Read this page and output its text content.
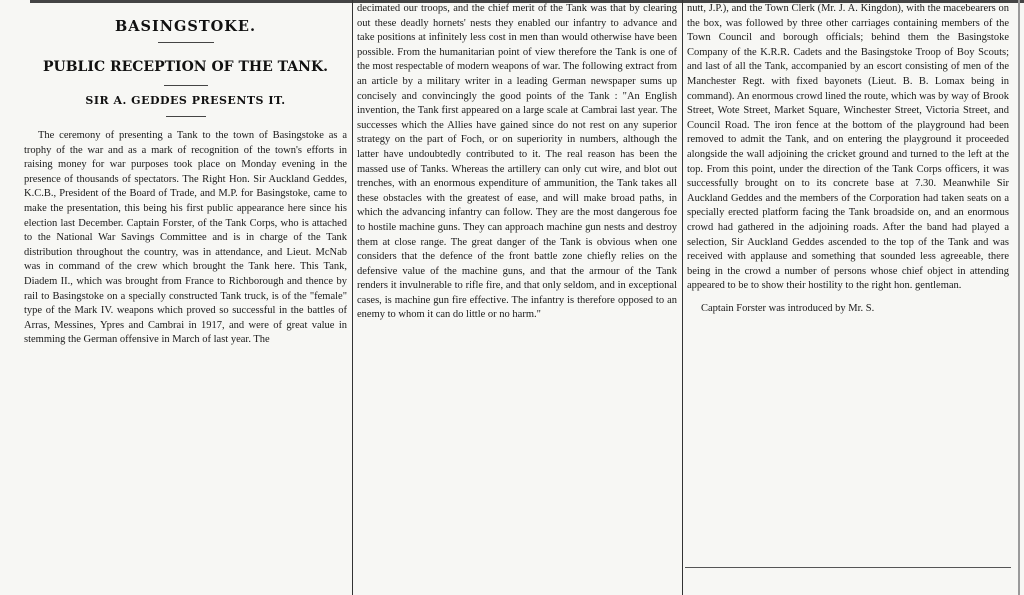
BASINGSTOKE.
PUBLIC RECEPTION OF THE TANK.
SIR A. GEDDES PRESENTS IT.

The ceremony of presenting a Tank to the town of Basingstoke as a trophy of the war and as a mark of recognition of the town's efforts in raising money for war purposes took place on Monday evening in the presence of thousands of spectators. The Right Hon. Sir Auckland Geddes, K.C.B., President of the Board of Trade, and M.P. for Basingstoke, came to make the presentation, this being his first public appearance here since his election last December. Captain Forster, of the Tank Corps, who is attached to the National War Savings Committee and is in charge of the Tank distribution throughout the country, was in attendance, and Lieut. McNab was in command of the crew which brought the Tank here. This Tank, Diadem II., which was brought from France to Richborough and thence by rail to Basingstoke on a specially constructed Tank truck, is of the "female" type of the Mark IV. weapons which proved so successful in the battles of Arras, Messines, Ypres and Cambrai in 1917, and were of great value in stemming the German offensive in March of last year. The

decimated our troops, and the chief merit of the Tank was that by clearing out these deadly hornets' nests they enabled our infantry to advance and take positions at infinitely less cost in men than would otherwise have been possible. From the humanitarian point of view therefore the Tank is one of the most respectable of modern weapons of war. The following extract from an article by a military writer in a leading German newspaper sums up concisely and convincingly the good points of the Tank : "An English invention, the Tank first appeared on a large scale at Cambrai last year. The successes which the Allies have gained since do not rest on any superior strategy on the part of Foch, or on superiority in numbers, although the latter have undoubtedly contributed to it. The real reason has been the massed use of Tanks. Whereas the artillery can only cut wire, and blot out trenches, with an enormous expenditure of ammunition, the Tank takes all these obstacles with the greatest of ease, and will make broad paths, in which the advancing infantry can follow. They are the most dangerous foe to hostile machine guns. They can approach machine gun nests and destroy them at close range. The great danger of the Tank is obvious when one considers that the defence of the front battle zone chiefly relies on the defensive value of the machine guns, and that the armour of the Tank renders it invulnerable to rifle fire, and that only seldom, and in exceptional cases, is machine gun fire effective. The infantry is therefore opposed to an enemy to whom it can do little or no harm."

nutt, J.P.), and the Town Clerk (Mr. J. A. Kingdon), with the macebearers on the box, was followed by three other carriages containing members of the Town Council and borough officials; behind them the Basingstoke Company of the K.R.R. Cadets and the Basingstoke Troop of Boy Scouts; and last of all the Tank, accompanied by an escort consisting of men of the Manchester Regt. with fixed bayonets (Lieut. B. B. Lomax being in command). An enormous crowd lined the route, which was by way of Brook Street, Wote Street, Market Square, Winchester Street, Victoria Street, and Council Road. The iron fence at the bottom of the playground had been removed to admit the Tank, and on entering the playground it proceeded alongside the wall adjoining the cricket ground and turned to the left at the top. From this point, under the direction of the Tank Corps officers, it was successfully brought on to its concrete base at 7.30. Meanwhile Sir Auckland Geddes and the members of the Corporation had taken seats on a specially erected platform facing the Tank broadside on, and an enormous crowd had gathered in the adjoining roads. After the band had played a selection, Sir Auckland Geddes ascended to the top of the Tank and was received with applause and something that sounded less agreeable, there being in the crowd a number of persons whose chief object in attending appeared to be to show their hostility to the right hon. gentleman.

Captain Forster was introduced by Mr. S.
